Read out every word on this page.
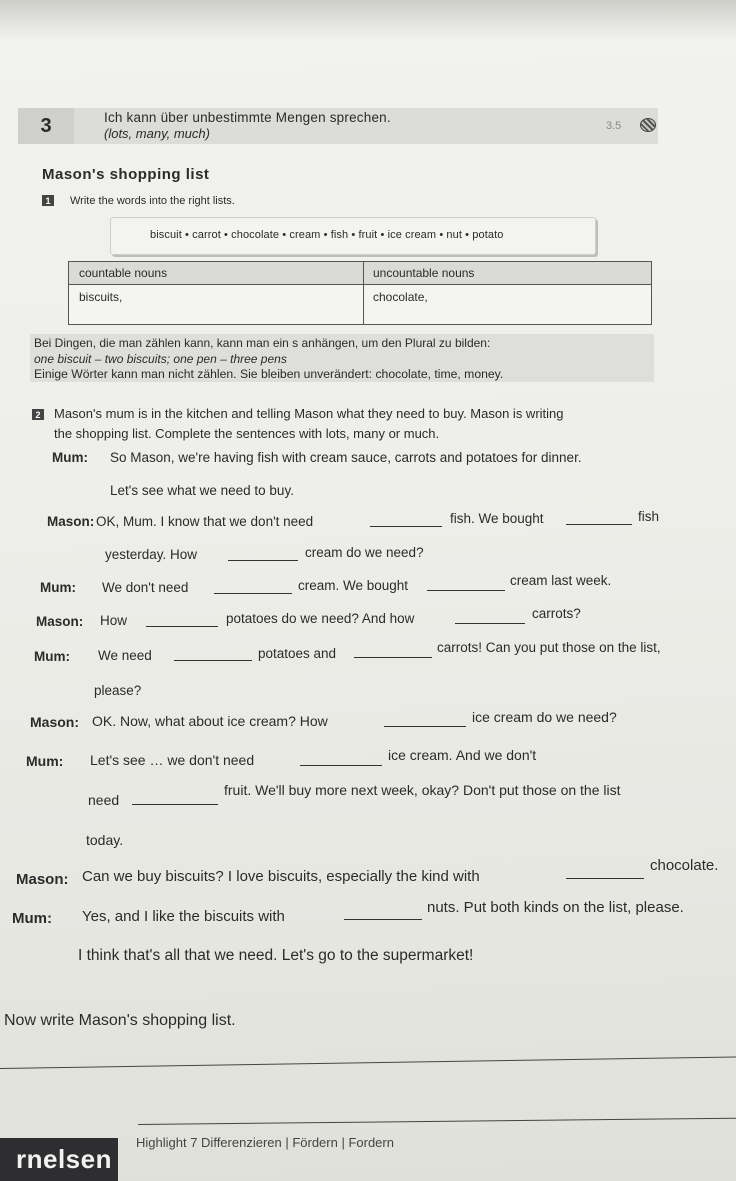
3	Ich kann über unbestimmte Mengen sprechen.
(lots, many, much)	3.5
Mason's shopping list
1	Write the words into the right lists.
biscuit • carrot • chocolate • cream • fish • fruit • ice cream • nut • potato
countable nouns	uncountable nouns
biscuits,	chocolate,
Bei Dingen, die man zählen kann, kann man ein s anhängen, um den Plural zu bilden:
one biscuit – two biscuits; one pen – three pens
Einige Wörter kann man nicht zählen. Sie bleiben unverändert: chocolate, time, money.
2 Mason's mum is in the kitchen and telling Mason what they need to buy. Mason is writing
the shopping list. Complete the sentences with lots, many or much.
Mum: So Mason, we're having fish with cream sauce, carrots and potatoes for dinner.
Let's see what we need to buy.
Mason: OK, Mum. I know that we don't need	fish. We bought	fish
yesterday. How	cream do we need?
Mum: We don't need	cream. We bought	cream last week.
Mason: How	potatoes do we need? And how	carrots?
Mum: We need	potatoes and	carrots! Can you put those on the list,
please?
Mason: OK. Now, what about ice cream? How	ice cream do we need?
Mum: Let's see … we don't need	ice cream. And we don't
need
fruit. We'll buy more next week, okay? Don't put those on the list
today.
Mason: Can we buy biscuits? I love biscuits, especially the kind with
chocolate.
Mum: Yes, and I like the biscuits with
nuts. Put both kinds on the list, please.
I think that's all that we need. Let's go to the supermarket!
Now write Mason's shopping list.
rnelsen
Highlight 7 Differenzieren | Fördern | Fordern
